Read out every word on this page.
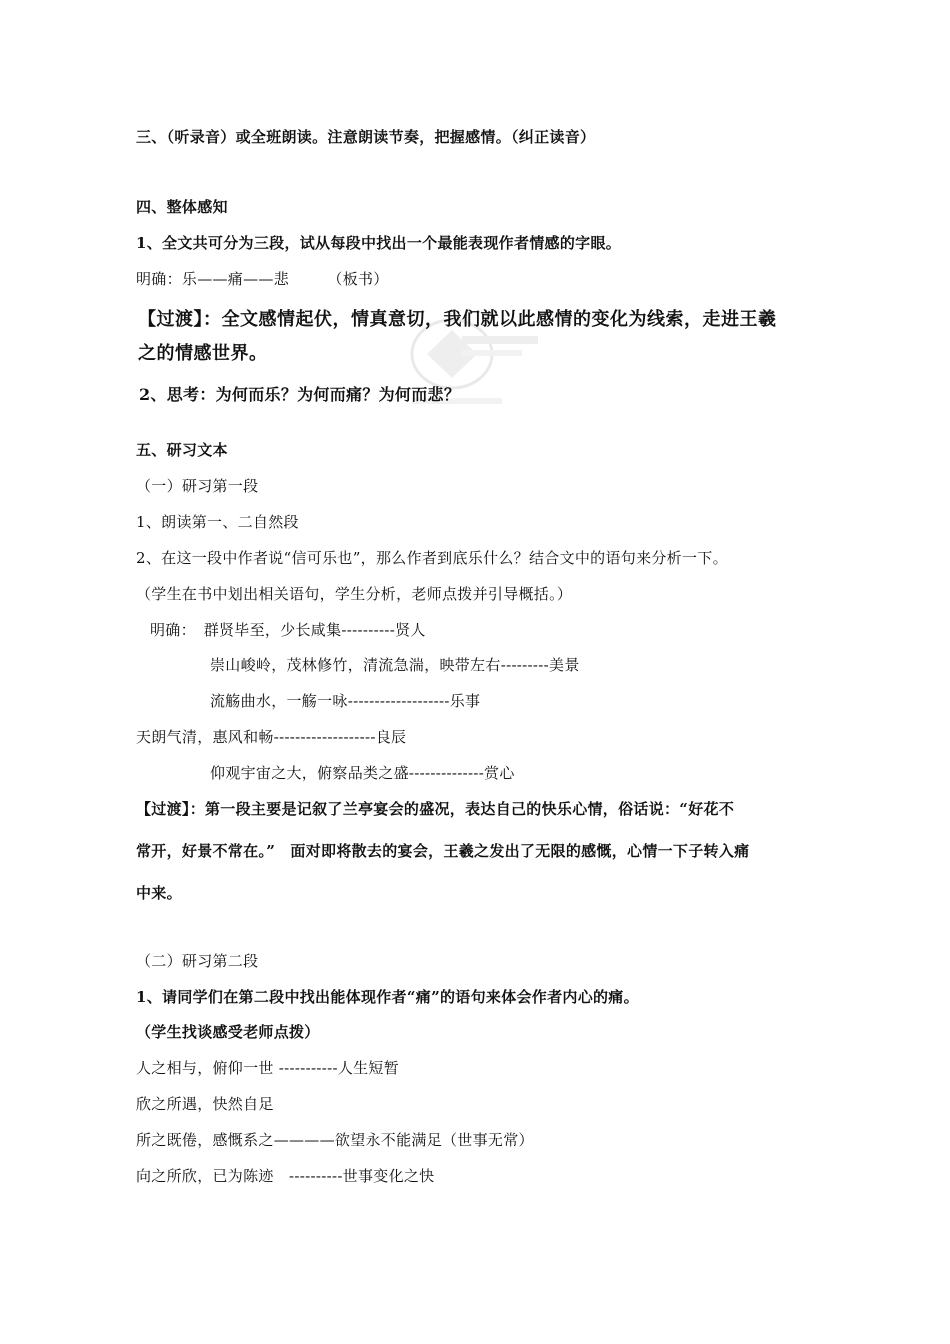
三、（听录音）或全班朗读。注意朗读节奏，把握感情。（纠正读音）
四、整体感知
1、全文共可分为三段，试从每段中找出一个最能表现作者情感的字眼。
明确：乐——痛——悲　　　（板书）
【过渡】：全文感情起伏，情真意切，我们就以此感情的变化为线索，走进王羲
之的情感世界。
2、思考：为何而乐？为何而痛？为何而悲？
五、研习文本
（一）研习第一段
1、朗读第一、二自然段
2、在这一段中作者说“信可乐也”，那么作者到底乐什么？结合文中的语句来分析一下。
（学生在书中划出相关语句，学生分析，老师点拨并引导概括。）
明确：　群贤毕至，少长咸集----------贤人
崇山峻岭，茂林修竹，清流急湍，映带左右---------美景
流觞曲水，一觞一咏-------------------乐事
天朗气清，惠风和畅-------------------良辰
仰观宇宙之大，俯察品类之盛--------------赏心
【过渡】：第一段主要是记叙了兰亭宴会的盛况，表达自己的快乐心情，俗话说：“好花不
常开，好景不常在。”　面对即将散去的宴会，王羲之发出了无限的感慨，心情一下子转入痛
中来。
（二）研习第二段
1、请同学们在第二段中找出能体现作者“痛”的语句来体会作者内心的痛。
（学生找谈感受老师点拨）
人之相与，俯仰一世 -----------人生短暂
欣之所遇，快然自足
所之既倦，感慨系之————欲望永不能满足（世事无常）
向之所欣，已为陈迹　----------世事变化之快
